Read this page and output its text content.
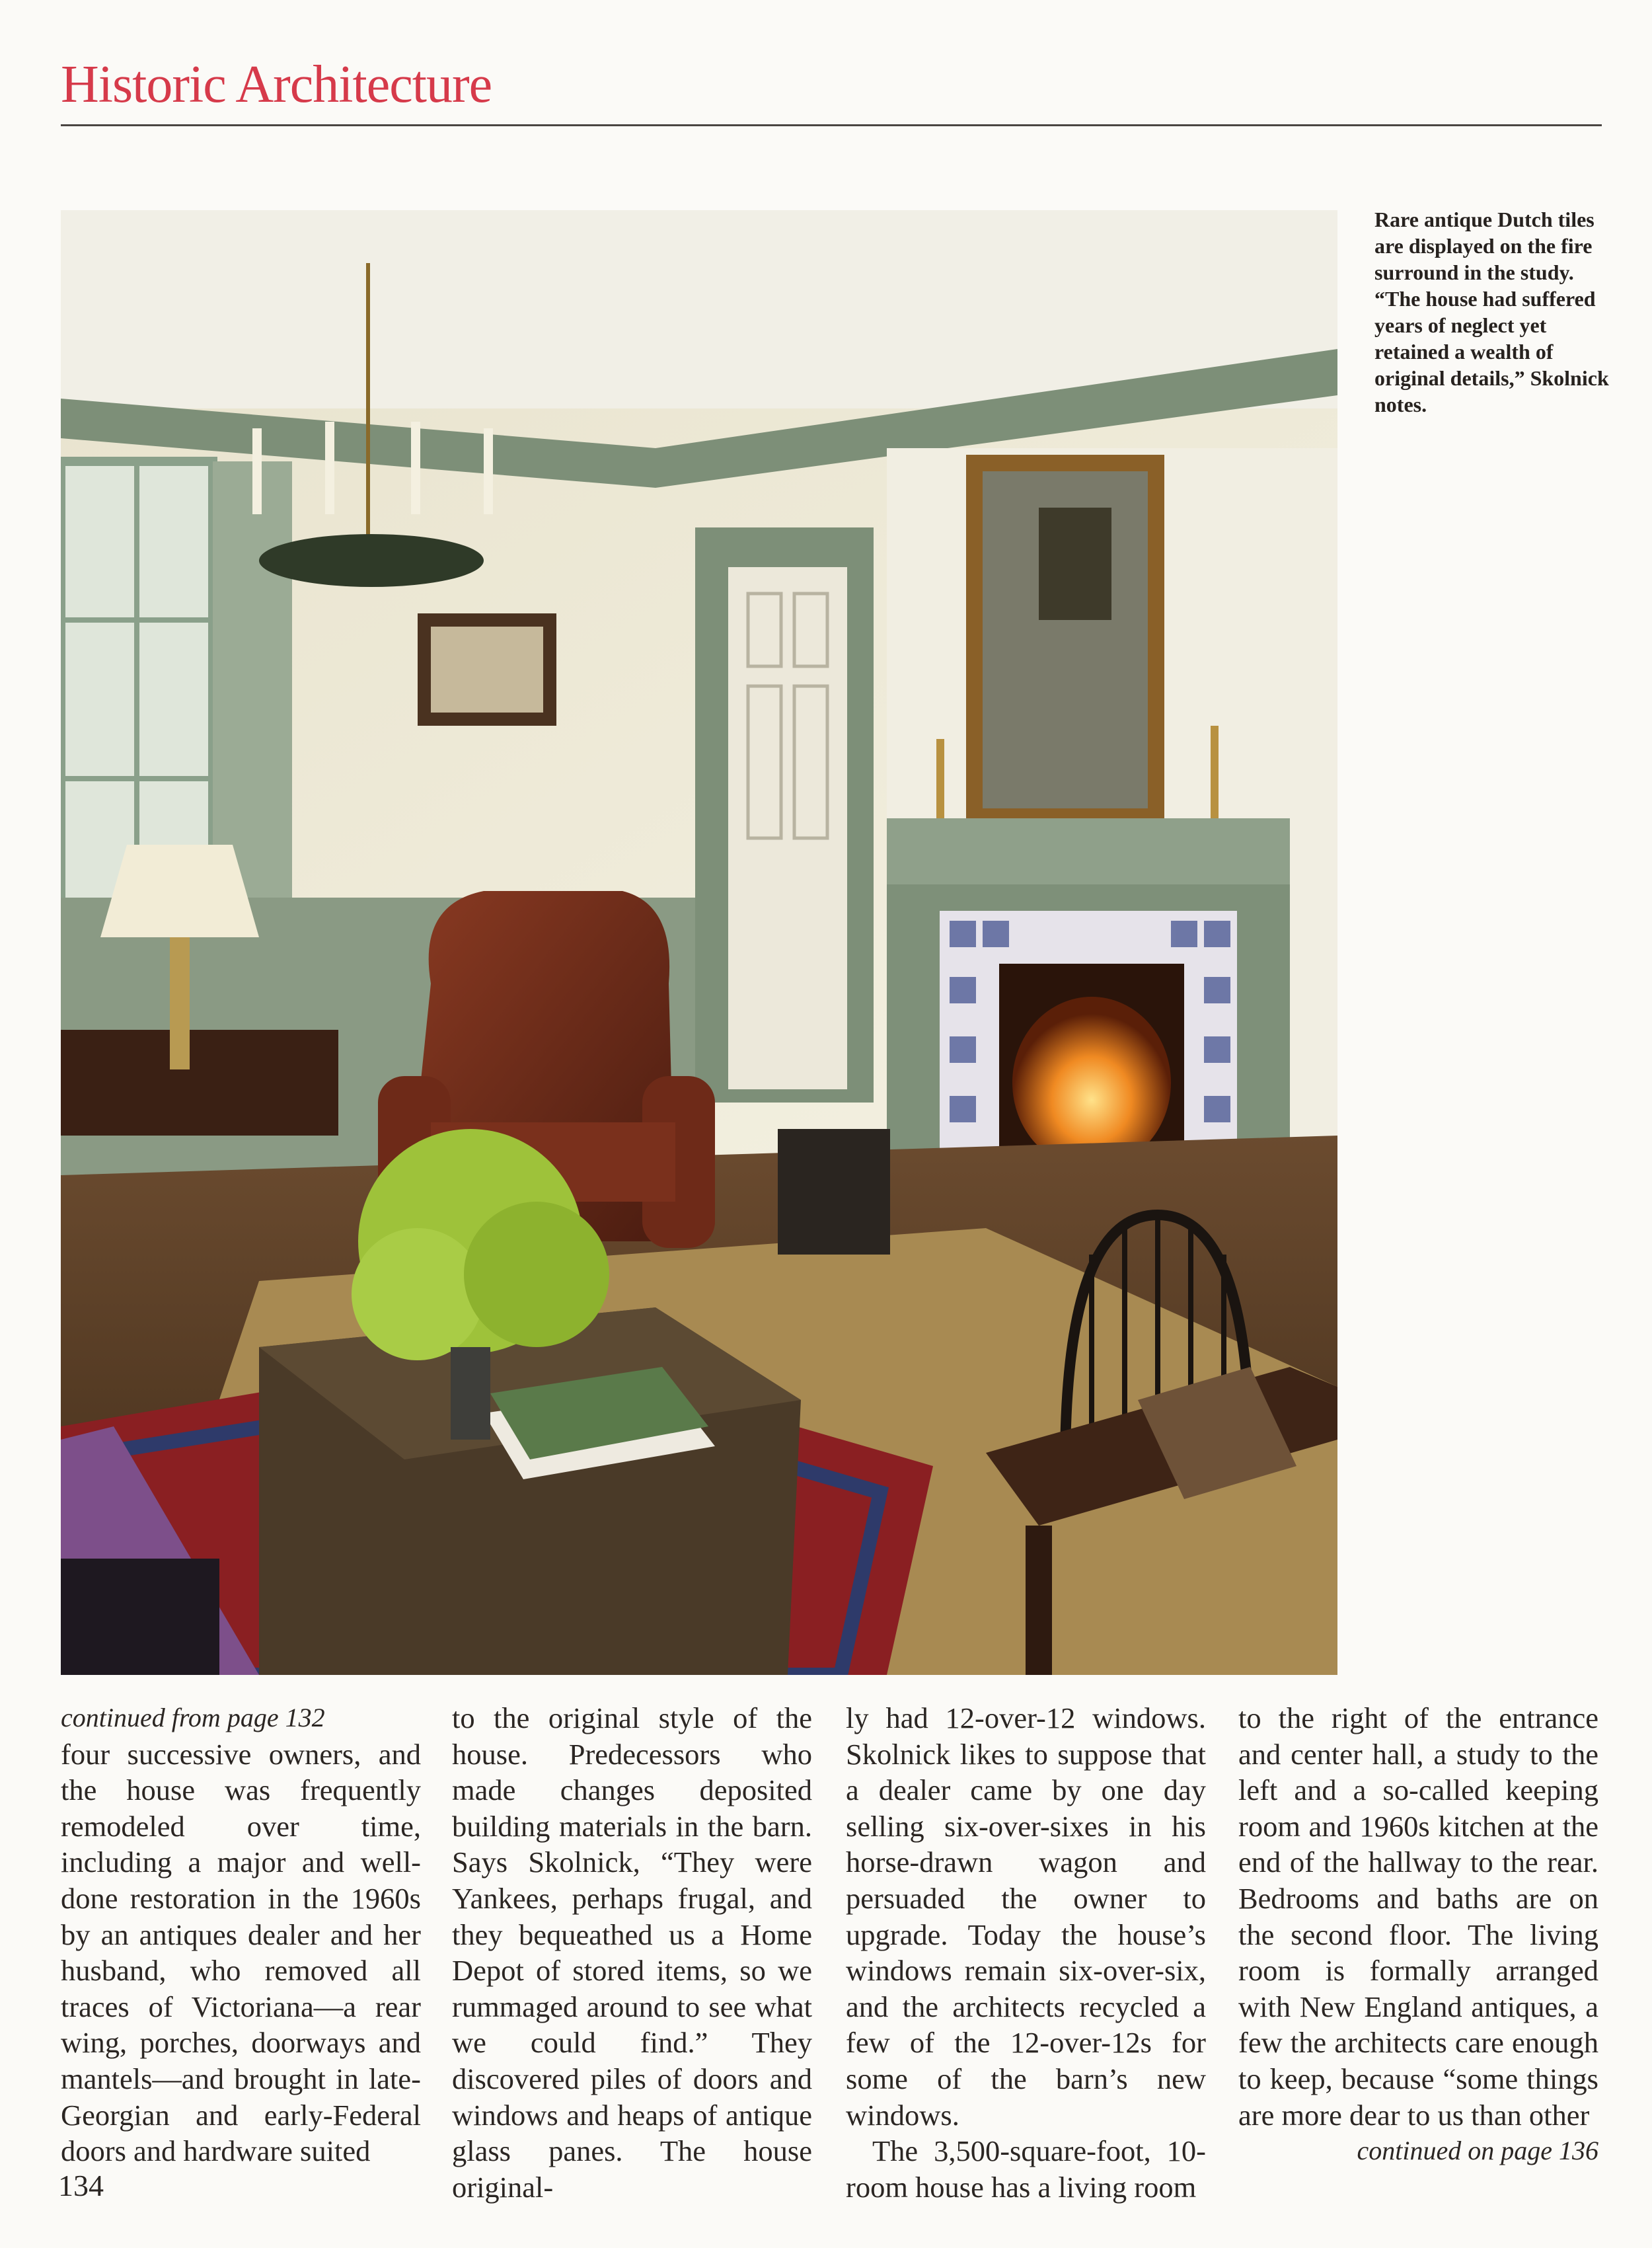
Historic Architecture
Rare antique Dutch tiles are displayed on the fire surround in the study. “The house had suffered years of neglect yet retained a wealth of original details,” Skolnick notes.
continued from page 132

four successive owners, and the house was frequently remodeled over time, including a major and well-done restoration in the 1960s by an antiques dealer and her husband, who removed all traces of Victoriana—a rear wing, porches, doorways and mantels—and brought in late-Georgian and early-Federal doors and hardware suited

to the original style of the house. Predecessors who made changes deposited building materials in the barn. Says Skolnick, “They were Yankees, perhaps frugal, and they bequeathed us a Home Depot of stored items, so we rummaged around to see what we could find.” They discovered piles of doors and windows and heaps of antique glass panes. The house original-

ly had 12-over-12 windows. Skolnick likes to suppose that a dealer came by one day selling six-over-sixes in his horse-drawn wagon and persuaded the owner to upgrade. Today the house’s windows remain six-over-six, and the architects recycled a few of the 12-over-12s for some of the barn’s new windows.

The 3,500-square-foot, 10-room house has a living room

to the right of the entrance and center hall, a study to the left and a so-called keeping room and 1960s kitchen at the end of the hallway to the rear. Bedrooms and baths are on the second floor. The living room is formally arranged with New England antiques, a few the architects care enough to keep, because “some things are more dear to us than other

continued on page 136
134
